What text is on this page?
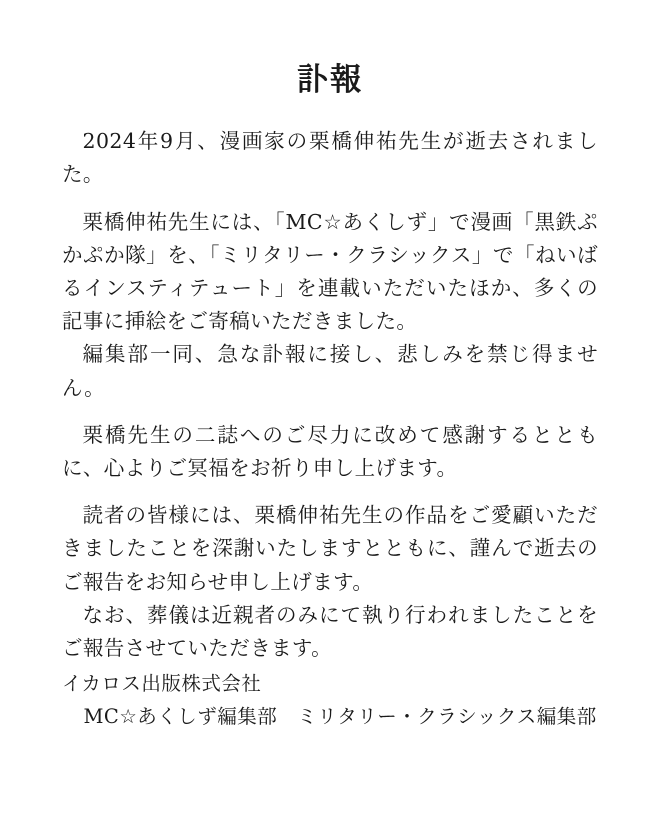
訃報

2024年9月、漫画家の栗橋伸祐先生が逝去されました。

栗橋伸祐先生には、「MC☆あくしず」で漫画「黒鉄ぷかぷか隊」を、「ミリタリー・クラシックス」で「ねいばるインスティテュート」を連載いただいたほか、多くの記事に挿絵をご寄稿いただきました。

編集部一同、急な訃報に接し、悲しみを禁じ得ません。

栗橋先生の二誌へのご尽力に改めて感謝するとともに、心よりご冥福をお祈り申し上げます。

読者の皆様には、栗橋伸祐先生の作品をご愛顧いただきましたことを深謝いたしますとともに、謹んで逝去のご報告をお知らせ申し上げます。

なお、葬儀は近親者のみにて執り行われましたことをご報告させていただきます。

イカロス出版株式会社

MC☆あくしず編集部　ミリタリー・クラシックス編集部
